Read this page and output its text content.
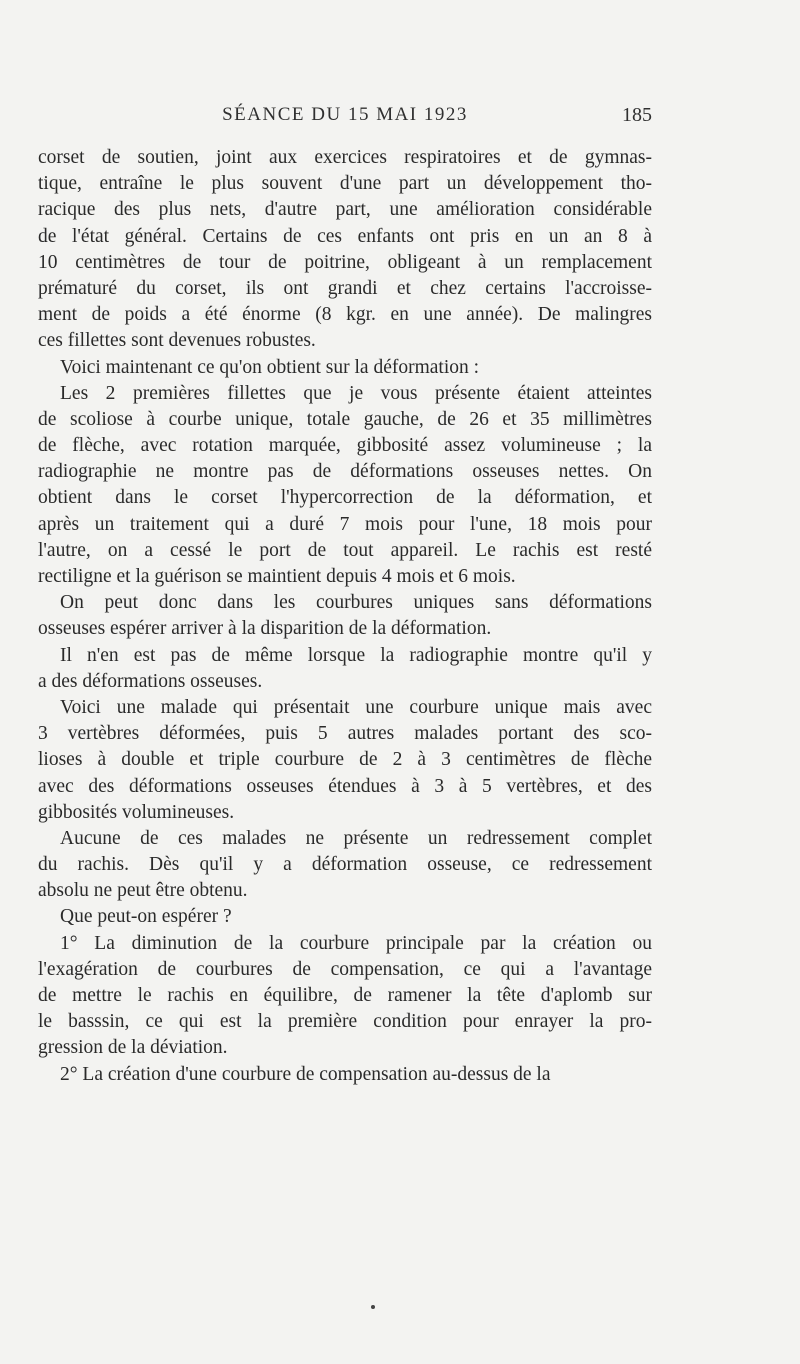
SÉANCE DU 15 MAI 1923	185
corset de soutien, joint aux exercices respiratoires et de gymnas-
tique, entraîne le plus souvent d'une part un développement tho-
racique des plus nets, d'autre part, une amélioration considérable
de l'état général. Certains de ces enfants ont pris en un an 8 à
10 centimètres de tour de poitrine, obligeant à un remplacement
prématuré du corset, ils ont grandi et chez certains l'accroisse-
ment de poids a été énorme (8 kgr. en une année). De malingres
ces fillettes sont devenues robustes.
Voici maintenant ce qu'on obtient sur la déformation :
Les 2 premières fillettes que je vous présente étaient atteintes
de scoliose à courbe unique, totale gauche, de 26 et 35 millimètres
de flèche, avec rotation marquée, gibbosité assez volumineuse ; la
radiographie ne montre pas de déformations osseuses nettes. On
obtient dans le corset l'hypercorrection de la déformation, et
après un traitement qui a duré 7 mois pour l'une, 18 mois pour
l'autre, on a cessé le port de tout appareil. Le rachis est resté
rectiligne et la guérison se maintient depuis 4 mois et 6 mois.
On peut donc dans les courbures uniques sans déformations
osseuses espérer arriver à la disparition de la déformation.
Il n'en est pas de même lorsque la radiographie montre qu'il y
a des déformations osseuses.
Voici une malade qui présentait une courbure unique mais avec
3 vertèbres déformées, puis 5 autres malades portant des sco-
lioses à double et triple courbure de 2 à 3 centimètres de flèche
avec des déformations osseuses étendues à 3 à 5 vertèbres, et des
gibbosités volumineuses.
Aucune de ces malades ne présente un redressement complet
du rachis. Dès qu'il y a déformation osseuse, ce redressement
absolu ne peut être obtenu.
Que peut-on espérer ?
1° La diminution de la courbure principale par la création ou
l'exagération de courbures de compensation, ce qui a l'avantage
de mettre le rachis en équilibre, de ramener la tête d'aplomb sur
le basssin, ce qui est la première condition pour enrayer la pro-
gression de la déviation.
2° La création d'une courbure de compensation au-dessus de la
